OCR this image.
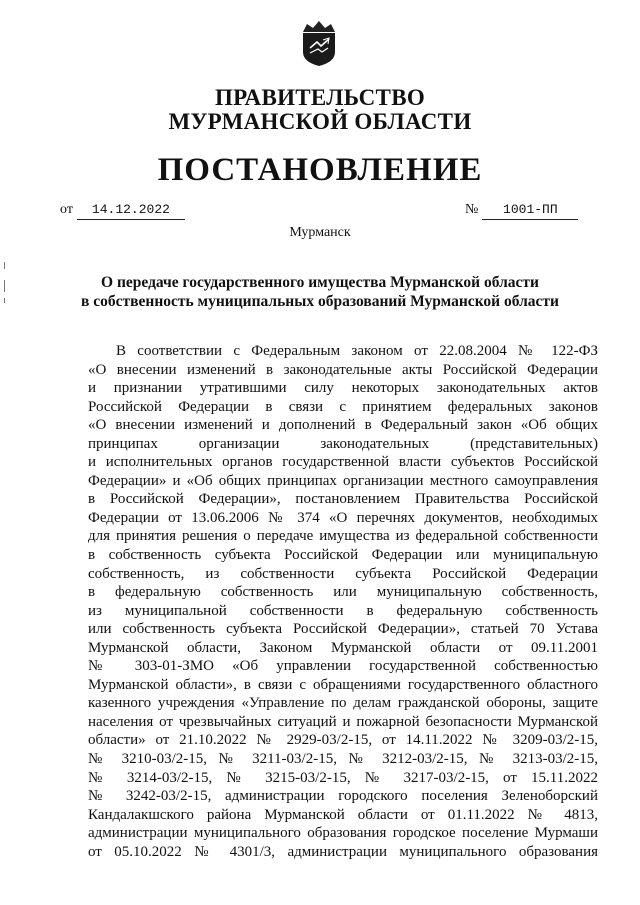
ПРАВИТЕЛЬСТВО
МУРМАНСКОЙ ОБЛАСТИ
ПОСТАНОВЛЕНИЕ
от 14.12.2022	№ 1001-ПП
Мурманск
О передаче государственного имущества Мурманской области
в собственность муниципальных образований Мурманской области
В соответствии с Федеральным законом от 22.08.2004 № 122-ФЗ
«О внесении изменений в законодательные акты Российской Федерации
и признании утратившими силу некоторых законодательных актов
Российской Федерации в связи с принятием федеральных законов
«О внесении изменений и дополнений в Федеральный закон «Об общих
принципах организации законодательных (представительных)
и исполнительных органов государственной власти субъектов Российской
Федерации» и «Об общих принципах организации местного самоуправления
в Российской Федерации», постановлением Правительства Российской
Федерации от 13.06.2006 № 374 «О перечнях документов, необходимых
для принятия решения о передаче имущества из федеральной собственности
в собственность субъекта Российской Федерации или муниципальную
собственность, из собственности субъекта Российской Федерации
в федеральную собственность или муниципальную собственность,
из муниципальной собственности в федеральную собственность
или собственность субъекта Российской Федерации», статьей 70 Устава
Мурманской области, Законом Мурманской области от 09.11.2001
№ 303-01-ЗМО «Об управлении государственной собственностью
Мурманской области», в связи с обращениями государственного областного
казенного учреждения «Управление по делам гражданской обороны, защите
населения от чрезвычайных ситуаций и пожарной безопасности Мурманской
области» от 21.10.2022 № 2929-03/2-15, от 14.11.2022 № 3209-03/2-15,
№ 3210-03/2-15, № 3211-03/2-15, № 3212-03/2-15, № 3213-03/2-15,
№ 3214-03/2-15, № 3215-03/2-15, № 3217-03/2-15, от 15.11.2022
№ 3242-03/2-15, администрации городского поселения Зеленоборский
Кандалакшского района Мурманской области от 01.11.2022 № 4813,
администрации муниципального образования городское поселение Мурмаши
от 05.10.2022 № 4301/3, администрации муниципального образования
